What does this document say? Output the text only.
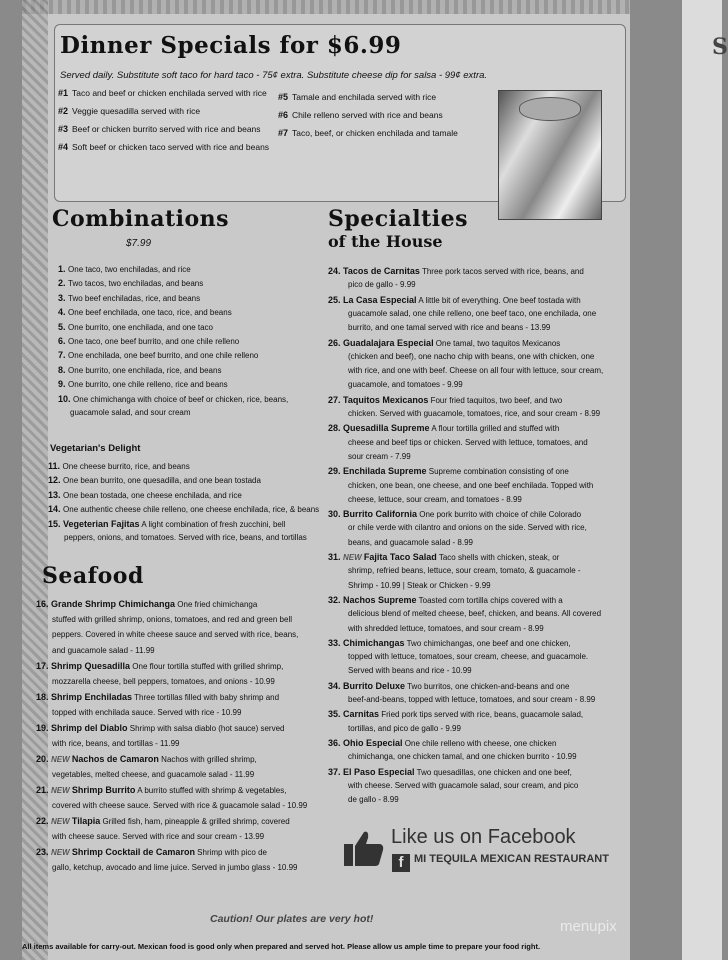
Dinner Specials for $6.99
Served daily. Substitute soft taco for hard taco - 75¢ extra. Substitute cheese dip for salsa - 99¢ extra.
#1 Taco and beef or chicken enchilada served with rice
#2 Veggie quesadilla served with rice
#3 Beef or chicken burrito served with rice and beans
#4 Soft beef or chicken taco served with rice and beans
#5 Tamale and enchilada served with rice
#6 Chile relleno served with rice and beans
#7 Taco, beef, or chicken enchilada and tamale
Combinations
$7.99
1. One taco, two enchiladas, and rice
2. Two tacos, two enchiladas, and beans
3. Two beef enchiladas, rice, and beans
4. One beef enchilada, one taco, rice, and beans
5. One burrito, one enchilada, and one taco
6. One taco, one beef burrito, and one chile relleno
7. One enchilada, one beef burrito, and one chile relleno
8. One burrito, one enchilada, rice, and beans
9. One burrito, one chile relleno, rice and beans
10. One chimichanga with choice of beef or chicken, rice, beans,
guacamole salad, and sour cream
Vegetarian's Delight
11. One cheese burrito, rice, and beans
12. One bean burrito, one quesadilla, and one bean tostada
13. One bean tostada, one cheese enchilada, and rice
14. One authentic cheese chile relleno, one cheese enchilada, rice, & beans
15. Vegeterian Fajitas A light combination of fresh zucchini, bell
peppers, onions, and tomatoes. Served with rice, beans, and tortillas
Seafood
16. Grande Shrimp Chimichanga One fried chimichanga
stuffed with grilled shrimp, onions, tomatoes, and red and green bell
peppers. Covered in white cheese sauce and served with rice, beans,
and guacamole salad - 11.99
17. Shrimp Quesadilla One flour tortilla stuffed with grilled shrimp,
mozzarella cheese, bell peppers, tomatoes, and onions - 10.99
18. Shrimp Enchiladas Three tortillas filled with baby shrimp and
topped with enchilada sauce. Served with rice - 10.99
19. Shrimp del Diablo Shrimp with salsa diablo (hot sauce) served
with rice, beans, and tortillas - 11.99
20. NEW Nachos de Camaron Nachos with grilled shrimp,
vegetables, melted cheese, and guacamole salad - 11.99
21. NEW Shrimp Burrito A burrito stuffed with shrimp & vegetables,
covered with cheese sauce. Served with rice & guacamole salad - 10.99
22. NEW Tilapia Grilled fish, ham, pineapple & grilled shrimp, covered
with cheese sauce. Served with rice and sour cream - 13.99
23. NEW Shrimp Cocktail de Camaron Shrimp with pico de
gallo, ketchup, avocado and lime juice. Served in jumbo glass - 10.99
Specialties
of the House
24. Tacos de Carnitas Three pork tacos served with rice, beans, and
pico de gallo - 9.99
25. La Casa Especial A little bit of everything. One beef tostada with
guacamole salad, one chile relleno, one beef taco, one enchilada, one
burrito, and one tamal served with rice and beans - 13.99
26. Guadalajara Especial One tamal, two taquitos Mexicanos
(chicken and beef), one nacho chip with beans, one with chicken, one
with rice, and one with beef. Cheese on all four with lettuce, sour cream,
guacamole, and tomatoes - 9.99
27. Taquitos Mexicanos Four fried taquitos, two beef, and two
chicken. Served with guacamole, tomatoes, rice, and sour cream - 8.99
28. Quesadilla Supreme A flour tortilla grilled and stuffed with
cheese and beef tips or chicken. Served with lettuce, tomatoes, and
sour cream - 7.99
29. Enchilada Supreme Supreme combination consisting of one
chicken, one bean, one cheese, and one beef enchilada. Topped with
cheese, lettuce, sour cream, and tomatoes - 8.99
30. Burrito California One pork burrito with choice of chile Colorado
or chile verde with cilantro and onions on the side. Served with rice,
beans, and guacamole salad - 8.99
31. NEW Fajita Taco Salad Taco shells with chicken, steak, or
shrimp, refried beans, lettuce, sour cream, tomato, & guacamole -
Shrimp - 10.99 | Steak or Chicken - 9.99
32. Nachos Supreme Toasted corn tortilla chips covered with a
delicious blend of melted cheese, beef, chicken, and beans. All covered
with shredded lettuce, tomatoes, and sour cream - 8.99
33. Chimichangas Two chimichangas, one beef and one chicken,
topped with lettuce, tomatoes, sour cream, cheese, and guacamole.
Served with beans and rice - 10.99
34. Burrito Deluxe Two burritos, one chicken-and-beans and one
beef-and-beans, topped with lettuce, tomatoes, and sour cream - 8.99
35. Carnitas Fried pork tips served with rice, beans, guacamole salad,
tortillas, and pico de gallo - 9.99
36. Ohio Especial One chile relleno with cheese, one chicken
chimichanga, one chicken tamal, and one chicken burrito - 10.99
37. El Paso Especial Two quesadillas, one chicken and one beef,
with cheese. Served with guacamole salad, sour cream, and pico
de gallo - 8.99
Like us on Facebook
f MI TEQUILA MEXICAN RESTAURANT
Caution! Our plates are very hot!
All items available for carry-out. Mexican food is good only when prepared and served hot. Please allow us ample time to prepare your food right.
S
menupix
